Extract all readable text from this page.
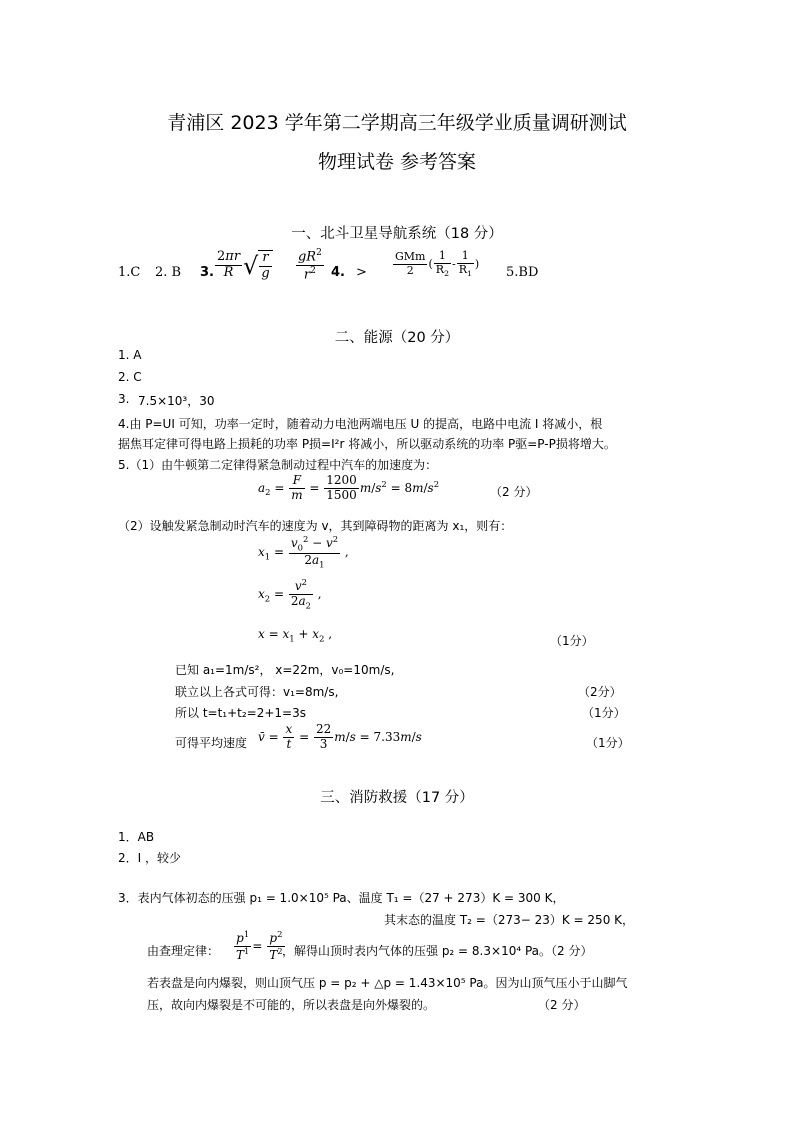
青浦区 2023 学年第二学期高三年级学业质量调研测试
物理试卷 参考答案
一、北斗卫星导航系统（18 分）
1.C 2. B 3. $\frac{2\pi r}{R}$ √ $\frac{r}{g}$
$\frac{gR^2}{r^2} 4$. > $\frac{\text{GMm}}{2}$ ( $\frac{1}{R_2} - \frac{1}{R_1}$ )
5.BD
二、能源（20 分）
1. A
2. C
3. 7.5×10³，30
4.由 P=UI 可知，功率一定时，随着动力电池两端电压 U 的提高，电路中电流 I 将减小，根
据焦耳定律可得电路上损耗的功率 P损=I²r 将减小，所以驱动系统的功率 P驱=P-P损将增大。
5.（1）由牛顿第二定律得紧急制动过程中汽车的加速度为：
$a_2 = \frac{F}{m} = \frac{1200}{1500} m/s^2 = 8m/s^2$
（2 分）
（2）设触发紧急制动时汽车的速度为 v，其到障碍物的距离为 x₁，则有：
$x_1 = \frac{v_0^2 - v^2}{2a_1}$ ,
$x_2 = \frac{v^2}{2a_2}$ ,
$x = x_1 + x_2$ ,	（1分）
已知 a₁=1m/s²， x=22m，v₀=10m/s,
联立以上各式可得：v₁=8m/s,	（2分）
所以 t=t₁+t₂=2+1=3s	（1分）
可得平均速度 v̄ = $\frac{x}{t} = \frac{22}{3} m/s = 7.33m/s$	（1分）
三、消防救援（17 分）
1．AB
2．Ⅰ ，较少
3．表内气体初态的压强 p₁ = 1.0×10⁵ Pa、温度 T₁ =（27 + 273）K = 300 K，
其末态的温度 T₂ =（273− 23）K = 250 K，
由查理定律： $\frac{p^1}{T^1} = \frac{p^2}{T^2}$
，解得山顶时表内气体的压强 p₂ = 8.3×10⁴ Pa。（2 分）
若表盘是向内爆裂，则山顶气压 p = p₂ + △p = 1.43×10⁵ Pa。因为山顶气压小于山脚气
压，故向内爆裂是不可能的，所以表盘是向外爆裂的。	（2 分）
